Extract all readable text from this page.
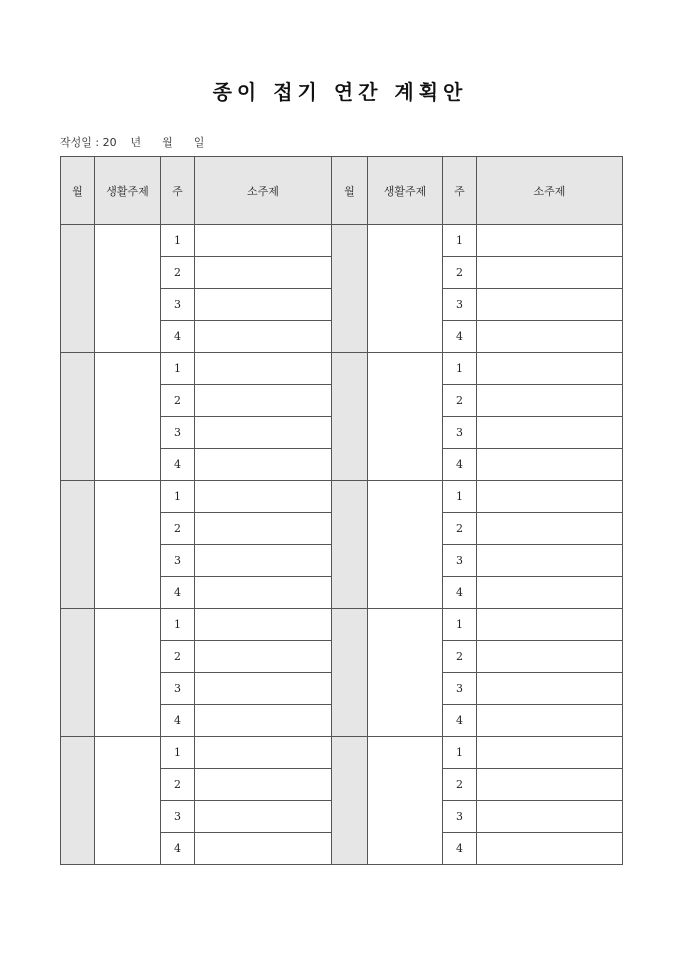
종이 접기 연간 계획안
작성일 : 20    년      월      일
월	생활주제	주	소주제	월	생활주제	주	소주제
		1				1	
		2				2	
		3				3	
		4				4	
		1				1	
		2				2	
		3				3	
		4				4	
		1				1	
		2				2	
		3				3	
		4				4	
		1				1	
		2				2	
		3				3	
		4				4	
		1				1	
		2				2	
		3				3	
		4				4	
